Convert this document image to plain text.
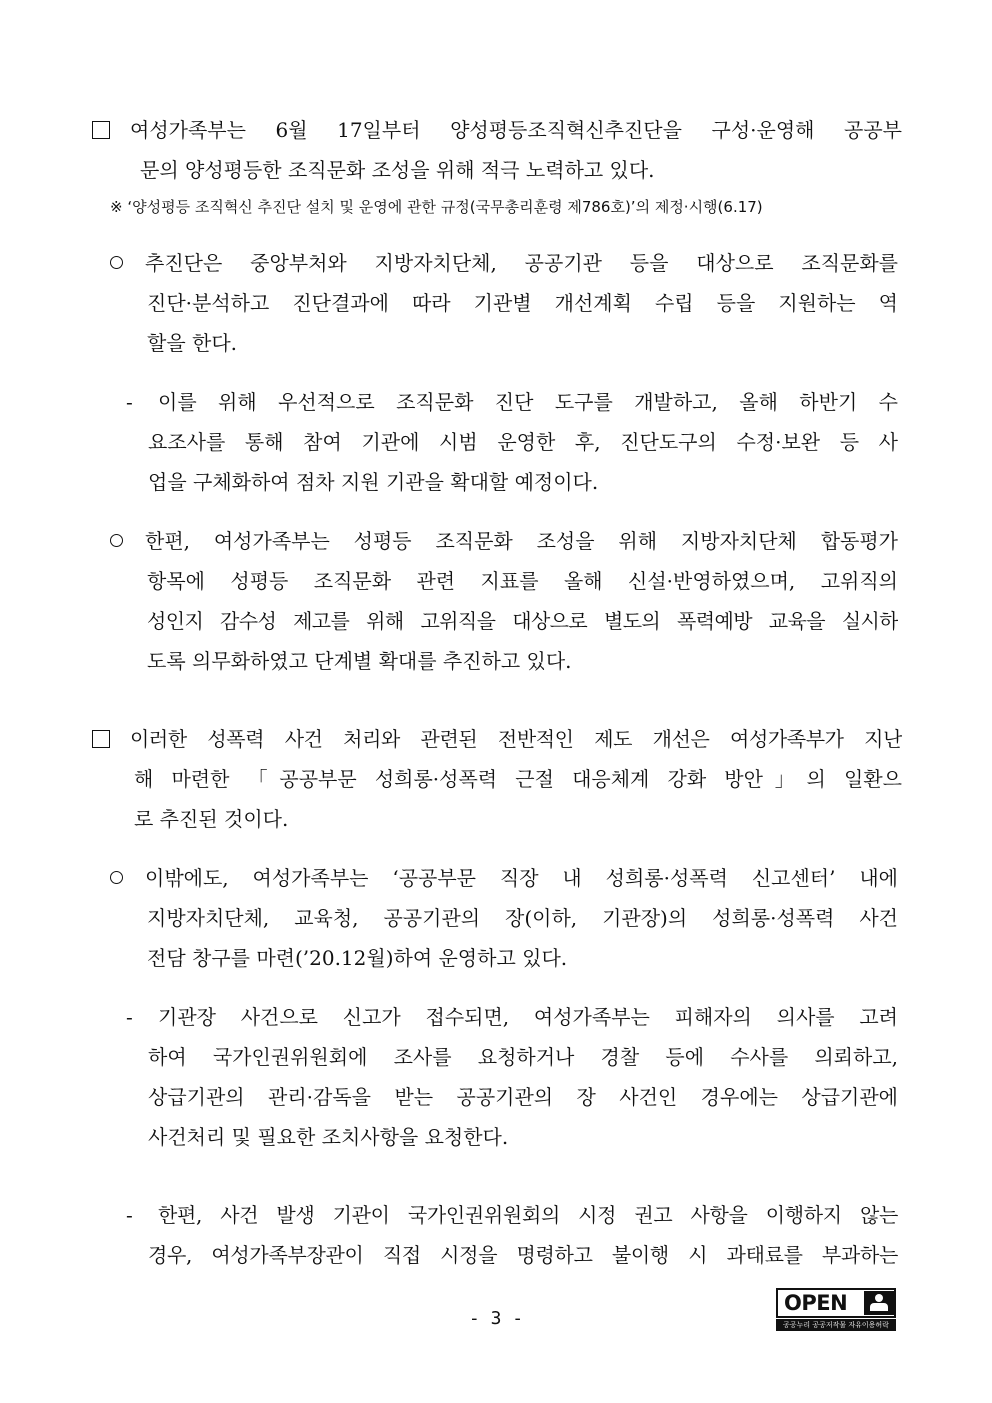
여성가족부는 6월 17일부터 양성평등조직혁신추진단을 구성·운영해 공공부
문의 양성평등한 조직문화 조성을 위해 적극 노력하고 있다.
※ ‘양성평등 조직혁신 추진단 설치 및 운영에 관한 규정(국무총리훈령 제786호)’의 제정·시행(6.17)
추진단은 중앙부처와 지방자치단체, 공공기관 등을 대상으로 조직문화를
진단·분석하고 진단결과에 따라 기관별 개선계획 수립 등을 지원하는 역
할을 한다.
- 이를 위해 우선적으로 조직문화 진단 도구를 개발하고, 올해 하반기 수
요조사를 통해 참여 기관에 시범 운영한 후, 진단도구의 수정·보완 등 사
업을 구체화하여 점차 지원 기관을 확대할 예정이다.
한편, 여성가족부는 성평등 조직문화 조성을 위해 지방자치단체 합동평가
항목에 성평등 조직문화 관련 지표를 올해 신설·반영하였으며, 고위직의
성인지 감수성 제고를 위해 고위직을 대상으로 별도의 폭력예방 교육을 실시하
도록 의무화하였고 단계별 확대를 추진하고 있다.
이러한 성폭력 사건 처리와 관련된 전반적인 제도 개선은 여성가족부가 지난
해 마련한 「공공부문 성희롱·성폭력 근절 대응체계 강화 방안」의 일환으
로 추진된 것이다.
이밖에도, 여성가족부는 ‘공공부문 직장 내 성희롱·성폭력 신고센터’ 내에
지방자치단체, 교육청, 공공기관의 장(이하, 기관장)의 성희롱·성폭력 사건
전담 창구를 마련(’20.12월)하여 운영하고 있다.
- 기관장 사건으로 신고가 접수되면, 여성가족부는 피해자의 의사를 고려
하여 국가인권위원회에 조사를 요청하거나 경찰 등에 수사를 의뢰하고,
상급기관의 관리·감독을 받는 공공기관의 장 사건인 경우에는 상급기관에
사건처리 및 필요한 조치사항을 요청한다.
- 한편, 사건 발생 기관이 국가인권위원회의 시정 권고 사항을 이행하지 않는
경우, 여성가족부장관이 직접 시정을 명령하고 불이행 시 과태료를 부과하는
OPEN
공공누리 공공저작물 자유이용허락
- 3 -
